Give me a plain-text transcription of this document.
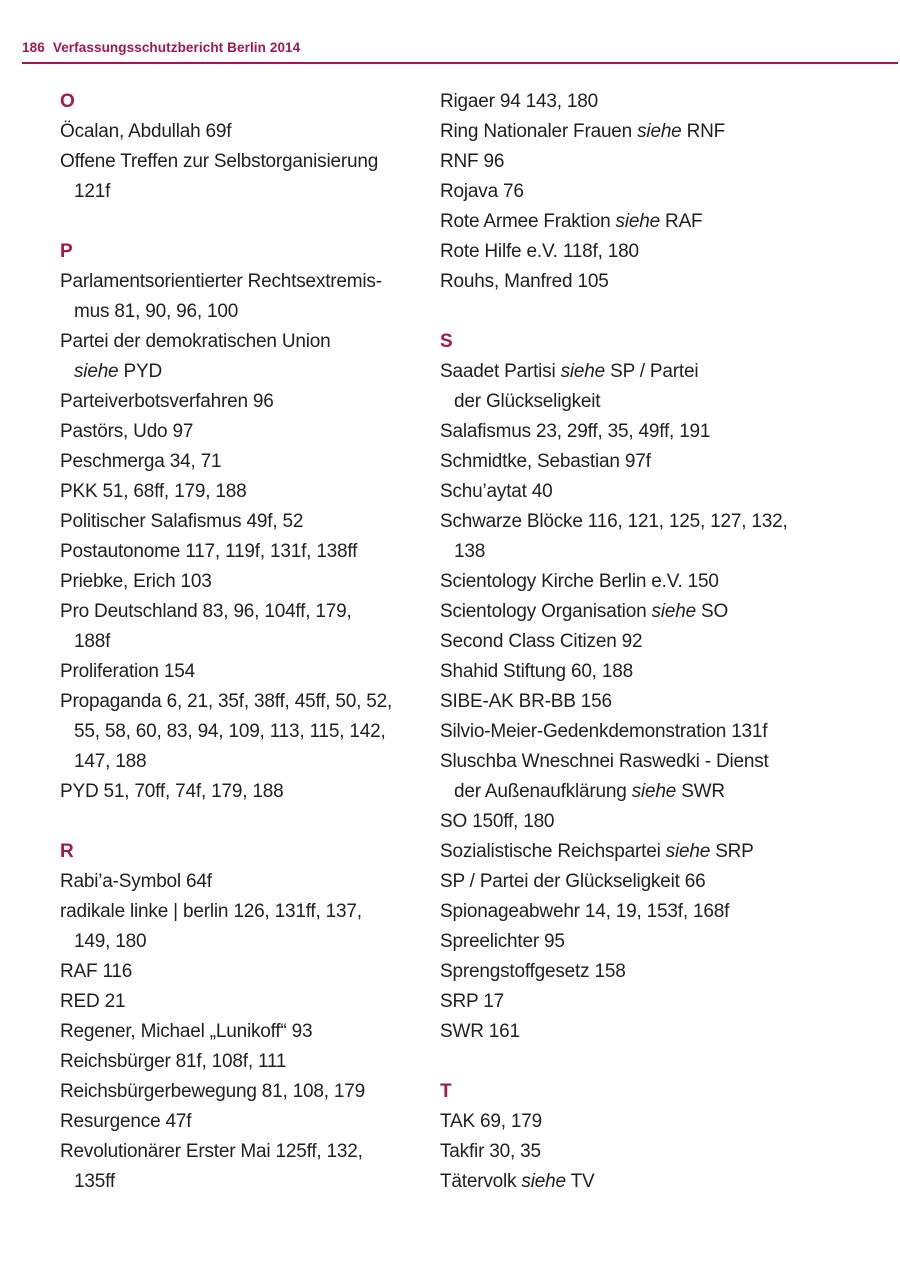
186 Verfassungsschutzbericht Berlin 2014
O
Öcalan, Abdullah 69f
Offene Treffen zur Selbstorganisierung
121f
P
Parlamentsorientierter Rechtsextremis-
mus 81, 90, 96, 100
Partei der demokratischen Union
siehe PYD
Parteiverbotsverfahren 96
Pastörs, Udo 97
Peschmerga 34, 71
PKK 51, 68ff, 179, 188
Politischer Salafismus 49f, 52
Postautonome 117, 119f, 131f, 138ff
Priebke, Erich 103
Pro Deutschland 83, 96, 104ff, 179,
188f
Proliferation 154
Propaganda 6, 21, 35f, 38ff, 45ff, 50, 52,
55, 58, 60, 83, 94, 109, 113, 115, 142,
147, 188
PYD 51, 70ff, 74f, 179, 188
R
Rabi’a-Symbol 64f
radikale linke | berlin 126, 131ff, 137,
149, 180
RAF 116
RED 21
Regener, Michael „Lunikoff“ 93
Reichsbürger 81f, 108f, 111
Reichsbürgerbewegung 81, 108, 179
Resurgence 47f
Revolutionärer Erster Mai 125ff, 132,
135ff
Rigaer 94 143, 180
Ring Nationaler Frauen siehe RNF
RNF 96
Rojava 76
Rote Armee Fraktion siehe RAF
Rote Hilfe e.V. 118f, 180
Rouhs, Manfred 105
S
Saadet Partisi siehe SP / Partei
der Glückseligkeit
Salafismus 23, 29ff, 35, 49ff, 191
Schmidtke, Sebastian 97f
Schu’aytat 40
Schwarze Blöcke 116, 121, 125, 127, 132,
138
Scientology Kirche Berlin e.V. 150
Scientology Organisation siehe SO
Second Class Citizen 92
Shahid Stiftung 60, 188
SIBE-AK BR-BB 156
Silvio-Meier-Gedenkdemonstration 131f
Sluschba Wneschnei Raswedki - Dienst
der Außenaufklärung siehe SWR
SO 150ff, 180
Sozialistische Reichspartei siehe SRP
SP / Partei der Glückseligkeit 66
Spionageabwehr 14, 19, 153f, 168f
Spreelichter 95
Sprengstoffgesetz 158
SRP 17
SWR 161
T
TAK 69, 179
Takfir 30, 35
Tätervolk siehe TV
